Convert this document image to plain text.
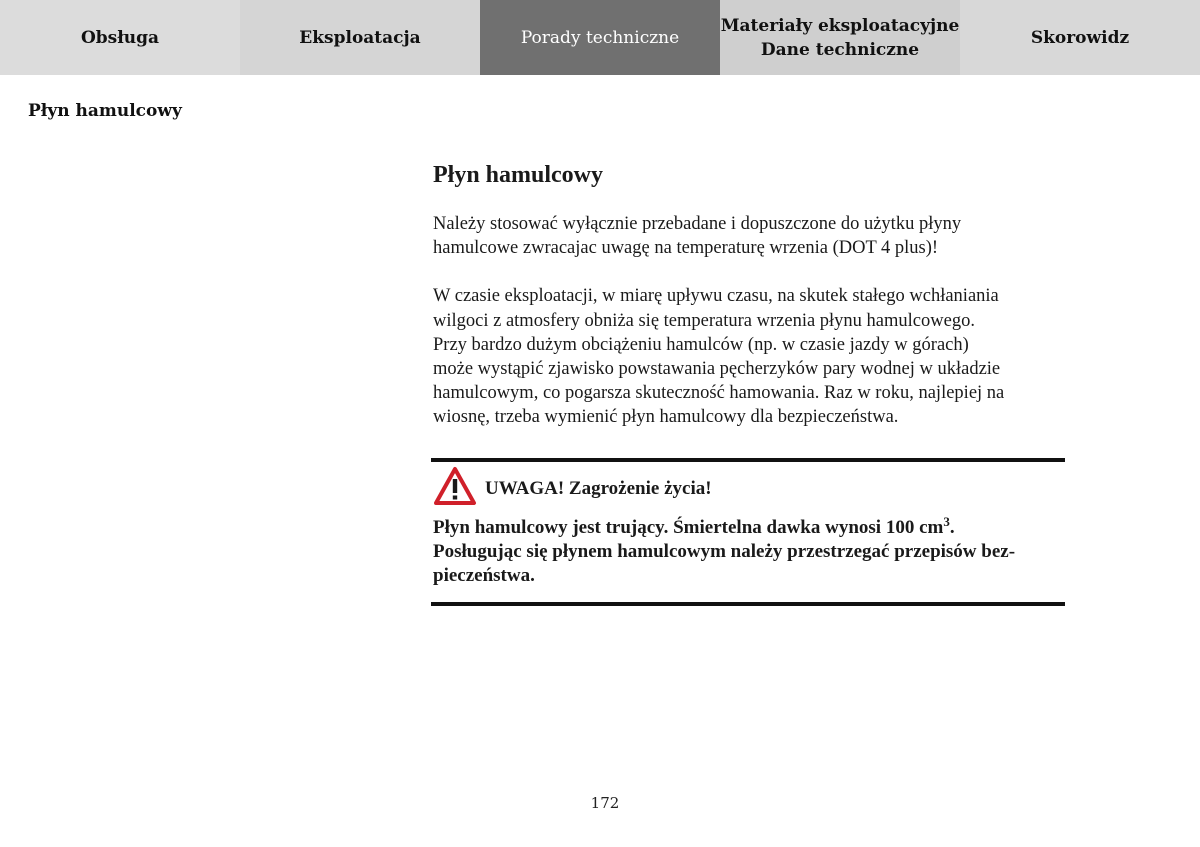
Obsługa	Eksploatacja	Porady techniczne
Materiały eksploatacyjne
Dane techniczne
Skorowidz
Płyn hamulcowy
Płyn hamulcowy

Należy stosować wyłącznie przebadane i dopuszczone do użytku płyny
hamulcowe zwracajac uwagę na temperaturę wrzenia (DOT 4 plus)!

W czasie eksploatacji, w miarę upływu czasu, na skutek stałego wchłaniania
wilgoci z atmosfery obniża się temperatura wrzenia płynu hamulcowego.
Przy bardzo dużym obciążeniu hamulców (np. w czasie jazdy w górach)
może wystąpić zjawisko powstawania pęcherzyków pary wodnej w układzie
hamulcowym, co pogarsza skuteczność hamowania. Raz w roku, najlepiej na
wiosnę, trzeba wymienić płyn hamulcowy dla bezpieczeństwa.

UWAGA! Zagrożenie życia!
Płyn hamulcowy jest trujący. Śmiertelna dawka wynosi 100 $cm^3$.
Posługując się płynem hamulcowym należy przestrzegać przepisów bez-
pieczeństwa.
172
